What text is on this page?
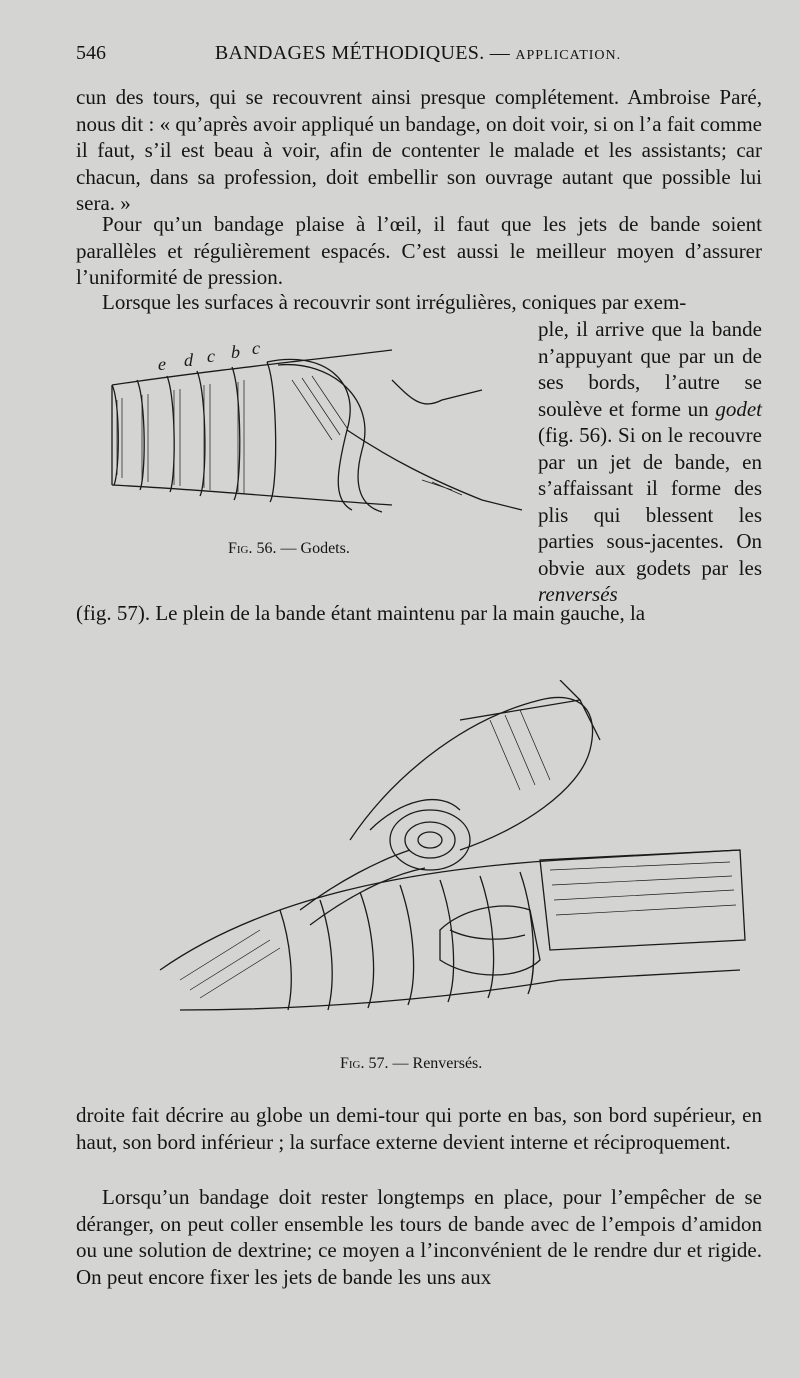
546	BANDAGES MÉTHODIQUES. — APPLICATION.

cun des tours, qui se recouvrent ainsi presque complétement. Ambroise Paré, nous dit : « qu’après avoir appliqué un bandage, on doit voir, si on l’a fait comme il faut, s’il est beau à voir, afin de contenter le malade et les assistants; car chacun, dans sa profession, doit embellir son ouvrage autant que possible lui sera. »

Pour qu’un bandage plaise à l’œil, il faut que les jets de bande soient parallèles et régulièrement espacés. C’est aussi le meilleur moyen d’assurer l’uniformité de pression.

Lorsque les surfaces à recouvrir sont irrégulières, coniques par exem-

ple, il arrive que la bande n’appuyant que par un de ses bords, l’autre se soulève et forme un godet (fig. 56). Si on le recouvre par un jet de bande, en s’affaissant il forme des plis qui blessent les parties sous-jacentes. On obvie aux godets par les renversés

(fig. 57). Le plein de la bande étant maintenu par la main gauche, la

e d c b c
Fig. 56. — Godets.
Fig. 57. — Renversés.

droite fait décrire au globe un demi-tour qui porte en bas, son bord supérieur, en haut, son bord inférieur ; la surface externe devient interne et réciproquement.

Lorsqu’un bandage doit rester longtemps en place, pour l’empêcher de se déranger, on peut coller ensemble les tours de bande avec de l’empois d’amidon ou une solution de dextrine; ce moyen a l’inconvénient de le rendre dur et rigide. On peut encore fixer les jets de bande les uns aux
